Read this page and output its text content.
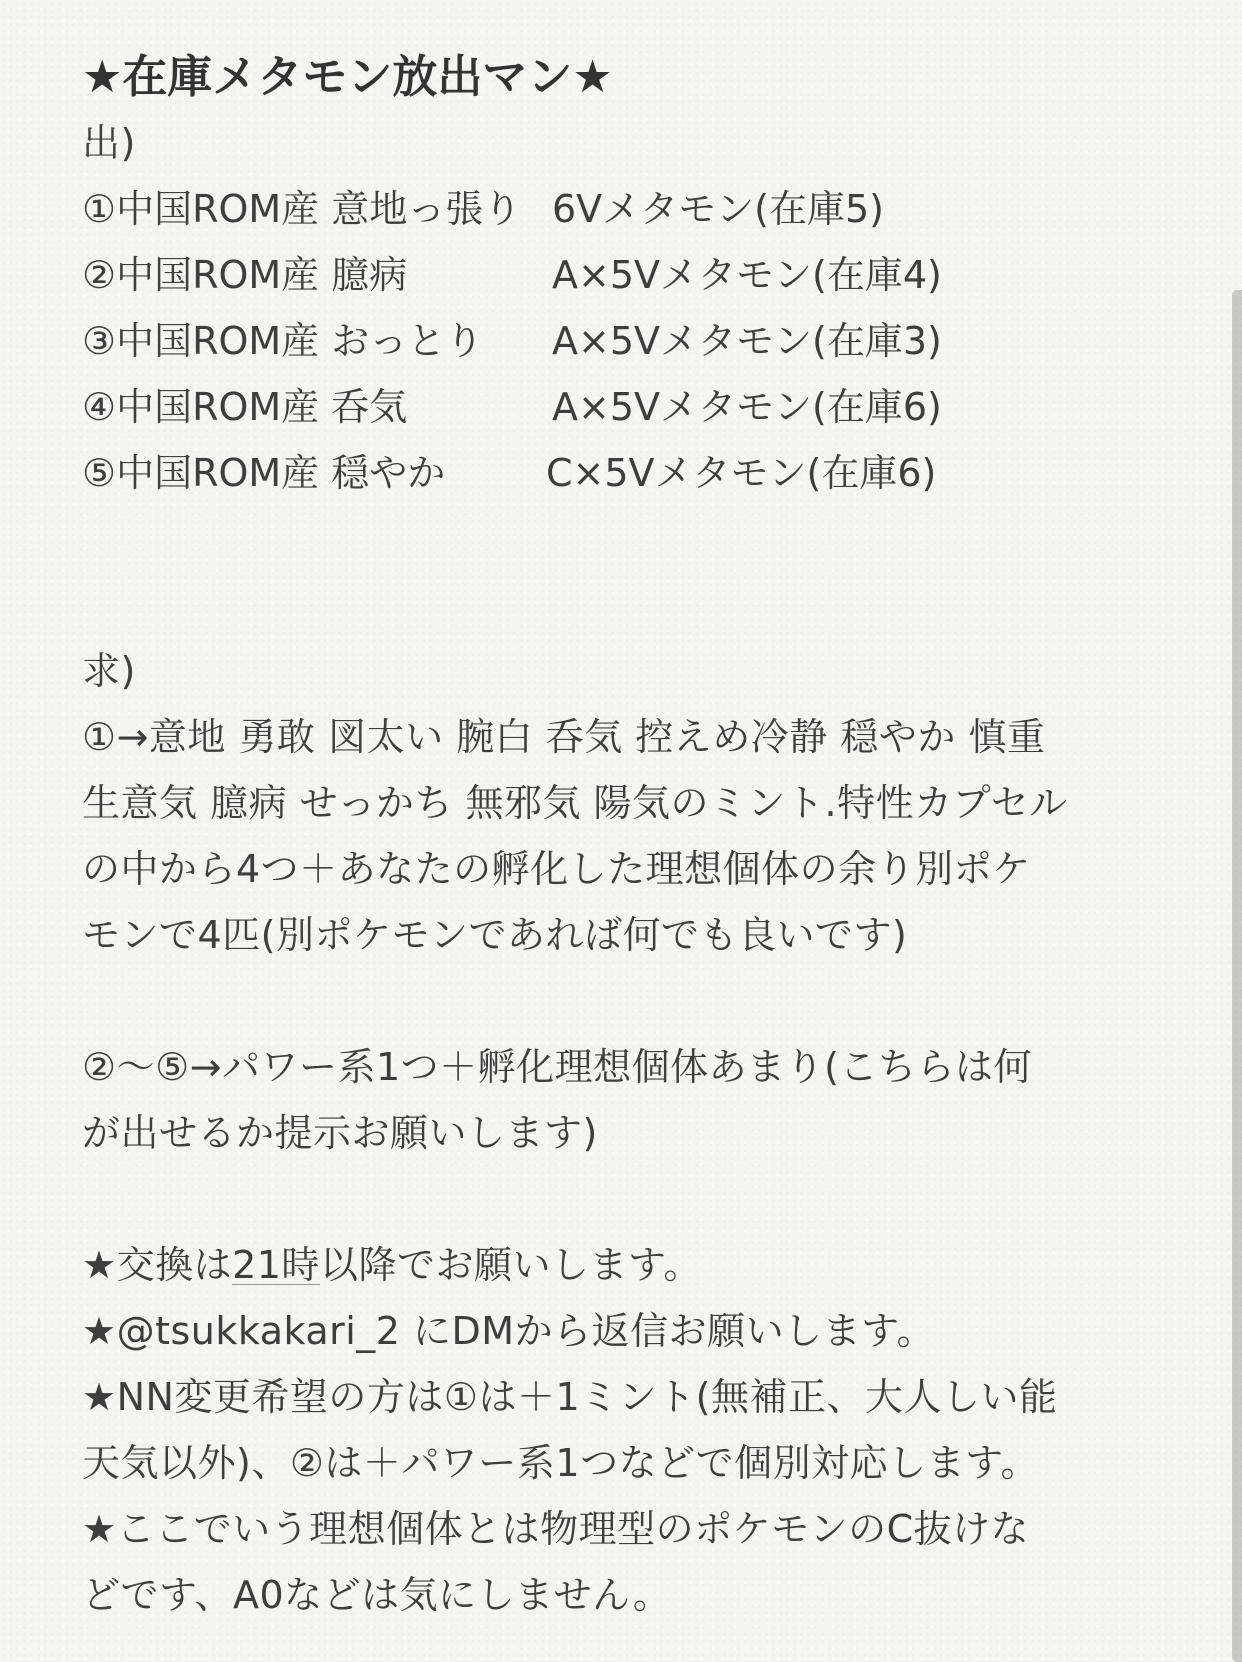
★在庫メタモン放出マン★
出)
①中国ROM産 意地っ張り 6Vメタモン(在庫5)
②中国ROM産 臆病	A×5Vメタモン(在庫4)
③中国ROM産 おっとり	A×5Vメタモン(在庫3)
④中国ROM産 呑気	A×5Vメタモン(在庫6)
⑤中国ROM産 穏やか	C×5Vメタモン(在庫6)
求)
①→意地 勇敢 図太い 腕白 呑気 控えめ冷静 穏やか 慎重
生意気 臆病 せっかち 無邪気 陽気のミント.特性カプセル
の中から4つ＋あなたの孵化した理想個体の余り別ポケ
モンで4匹(別ポケモンであれば何でも良いです)
②〜⑤→パワー系1つ＋孵化理想個体あまり(こちらは何
が出せるか提示お願いします)
★交換は21時以降でお願いします。
★@tsukkakari_2 にDMから返信お願いします。
★NN変更希望の方は①は＋1ミント(無補正、大人しい能
天気以外)、②は＋パワー系1つなどで個別対応します。
★ここでいう理想個体とは物理型のポケモンのC抜けな
どです、A0などは気にしません。
